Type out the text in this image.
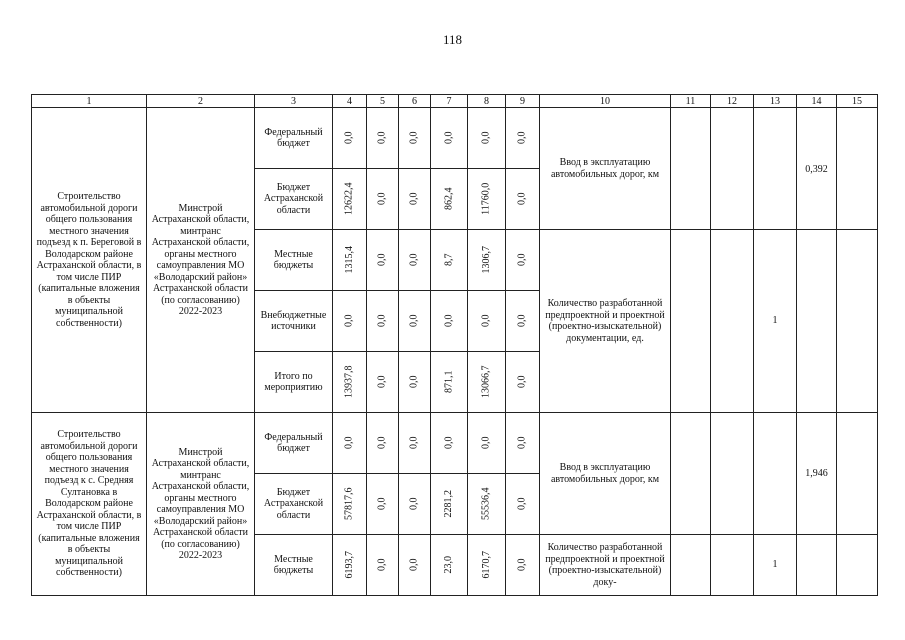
118
1	2	3	4	5	6	7	8	9	10	11	12	13	14	15

Строительство автомобильной дороги общего пользования местного значения подъезд к п. Береговой в Володарском районе Астраханской области, в том числе ПИР (капитальные вложения в объекты муниципальной собственности)	Минстрой Астраханской области, минтранс Астраханской области, органы местного самоуправления МО «Володарский район» Астраханской области (по согласованию) 2022-2023	Федеральный бюджет	0,0	0,0	0,0	0,0	0,0	0,0	Ввод в эксплуатацию автомобильных дорог, км				0,392	

		Бюджет Астраханской области	12622,4	0,0	0,0	862,4	11760,0	0,0						

		Местные бюджеты	1315,4	0,0	0,0	8,7	1306,7	0,0	Количество разработанной предпроектной и проектной (проектно-изыскательной) документации, ед.			1		

		Внебюджетные источники	0,0	0,0	0,0	0,0	0,0	0,0						

		Итого по мероприятию	13937,8	0,0	0,0	871,1	13066,7	0,0						

Строительство автомобильной дороги общего пользования местного значения подъезд к с. Средняя Султановка в Володарском районе Астраханской области, в том числе ПИР (капитальные вложения в объекты муниципальной собственности)	Минстрой Астраханской области, минтранс Астраханской области, органы местного самоуправления МО «Володарский район» Астраханской области (по согласованию) 2022-2023	Федеральный бюджет	0,0	0,0	0,0	0,0	0,0	0,0	Ввод в эксплуатацию автомобильных дорог, км				1,946	

		Бюджет Астраханской области	57817,6	0,0	0,0	2281,2	55536,4	0,0						

		Местные бюджеты	6193,7	0,0	0,0	23,0	6170,7	0,0	Количество разработанной предпроектной и проектной (проектно-изыскательной) доку-			1		
